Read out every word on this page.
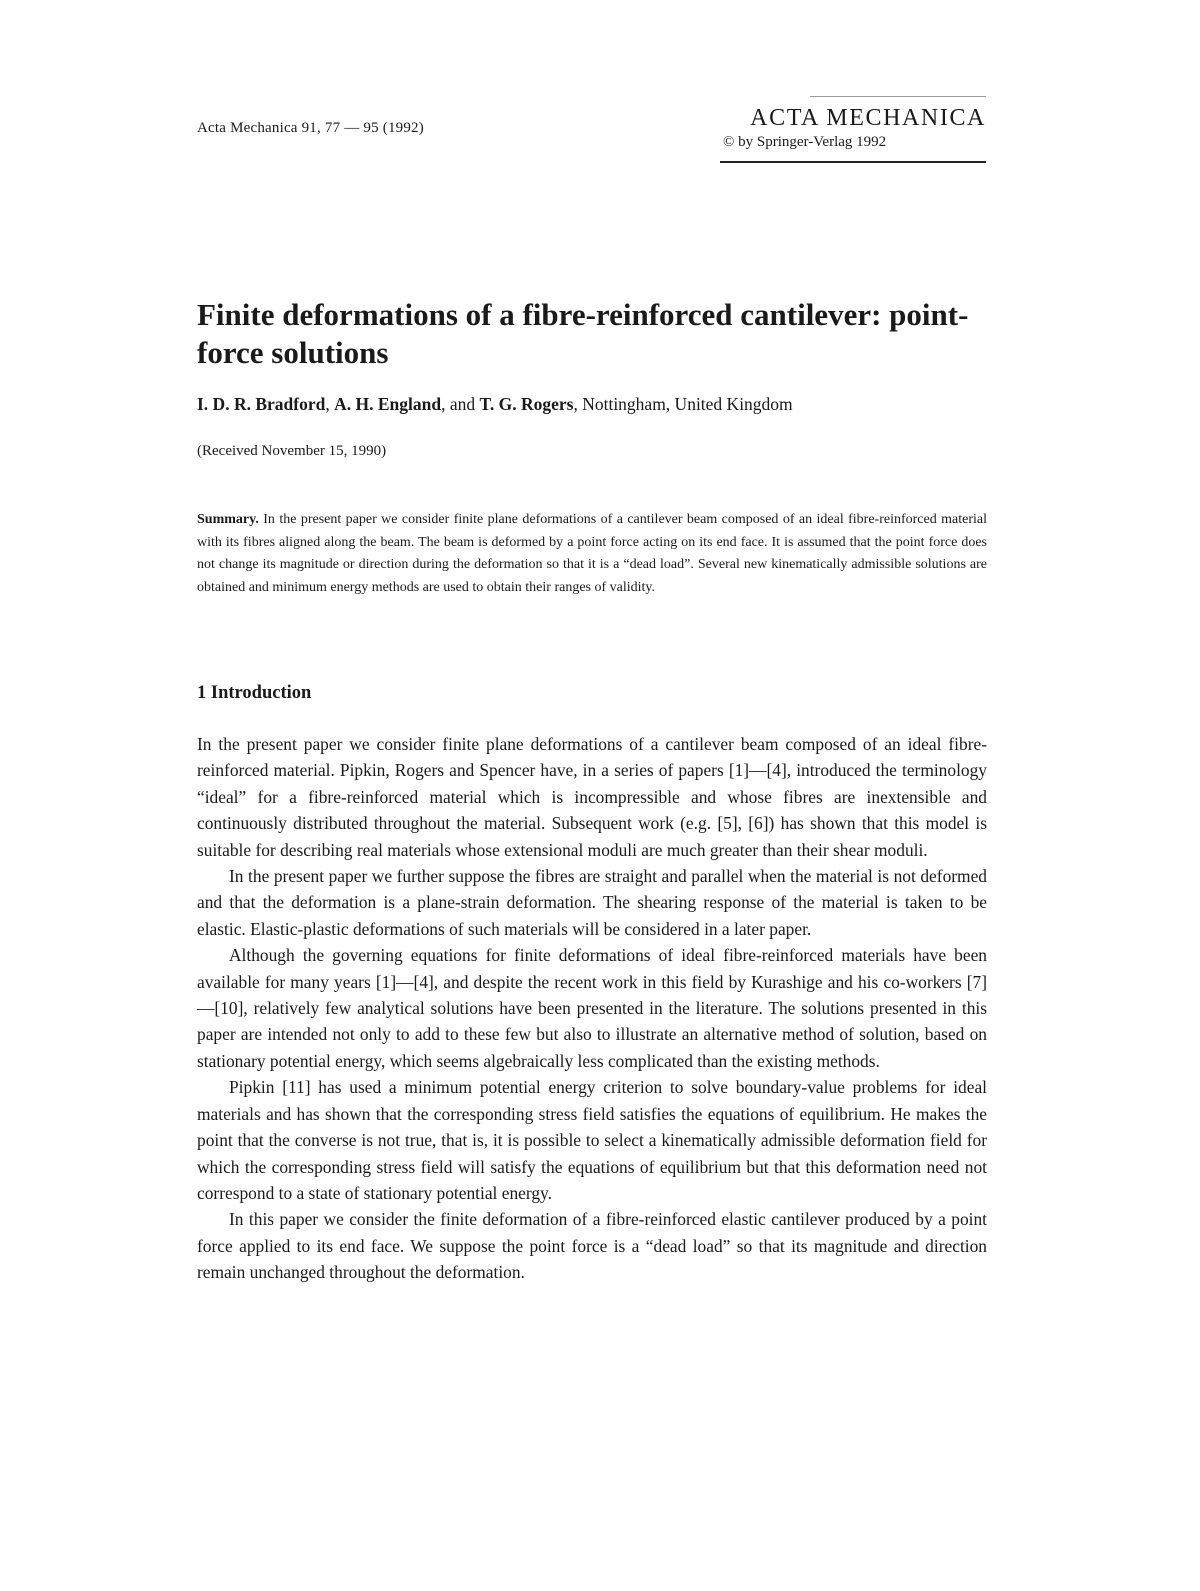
Acta Mechanica 91, 77 — 95 (1992)	ACTA MECHANICA
© by Springer-Verlag 1992
Finite deformations of a fibre-reinforced cantilever: point-force solutions
I. D. R. Bradford, A. H. England, and T. G. Rogers, Nottingham, United Kingdom
(Received November 15, 1990)

Summary. In the present paper we consider finite plane deformations of a cantilever beam composed of an ideal fibre-reinforced material with its fibres aligned along the beam. The beam is deformed by a point force acting on its end face. It is assumed that the point force does not change its magnitude or direction during the deformation so that it is a “dead load”. Several new kinematically admissible solutions are obtained and minimum energy methods are used to obtain their ranges of validity.

1 Introduction

In the present paper we consider finite plane deformations of a cantilever beam composed of an ideal fibre-reinforced material. Pipkin, Rogers and Spencer have, in a series of papers [1]—[4], introduced the terminology “ideal” for a fibre-reinforced material which is incompressible and whose fibres are inextensible and continuously distributed throughout the material. Subsequent work (e.g. [5], [6]) has shown that this model is suitable for describing real materials whose extensional moduli are much greater than their shear moduli.

In the present paper we further suppose the fibres are straight and parallel when the material is not deformed and that the deformation is a plane-strain deformation. The shearing response of the material is taken to be elastic. Elastic-plastic deformations of such materials will be considered in a later paper.

Although the governing equations for finite deformations of ideal fibre-reinforced materials have been available for many years [1]—[4], and despite the recent work in this field by Kurashige and his co-workers [7]—[10], relatively few analytical solutions have been presented in the literature. The solutions presented in this paper are intended not only to add to these few but also to illustrate an alternative method of solution, based on stationary potential energy, which seems algebraically less complicated than the existing methods.

Pipkin [11] has used a minimum potential energy criterion to solve boundary-value problems for ideal materials and has shown that the corresponding stress field satisfies the equations of equilibrium. He makes the point that the converse is not true, that is, it is possible to select a kinematically admissible deformation field for which the corresponding stress field will satisfy the equations of equilibrium but that this deformation need not correspond to a state of stationary potential energy.

In this paper we consider the finite deformation of a fibre-reinforced elastic cantilever produced by a point force applied to its end face. We suppose the point force is a “dead load” so that its magnitude and direction remain unchanged throughout the deformation.
